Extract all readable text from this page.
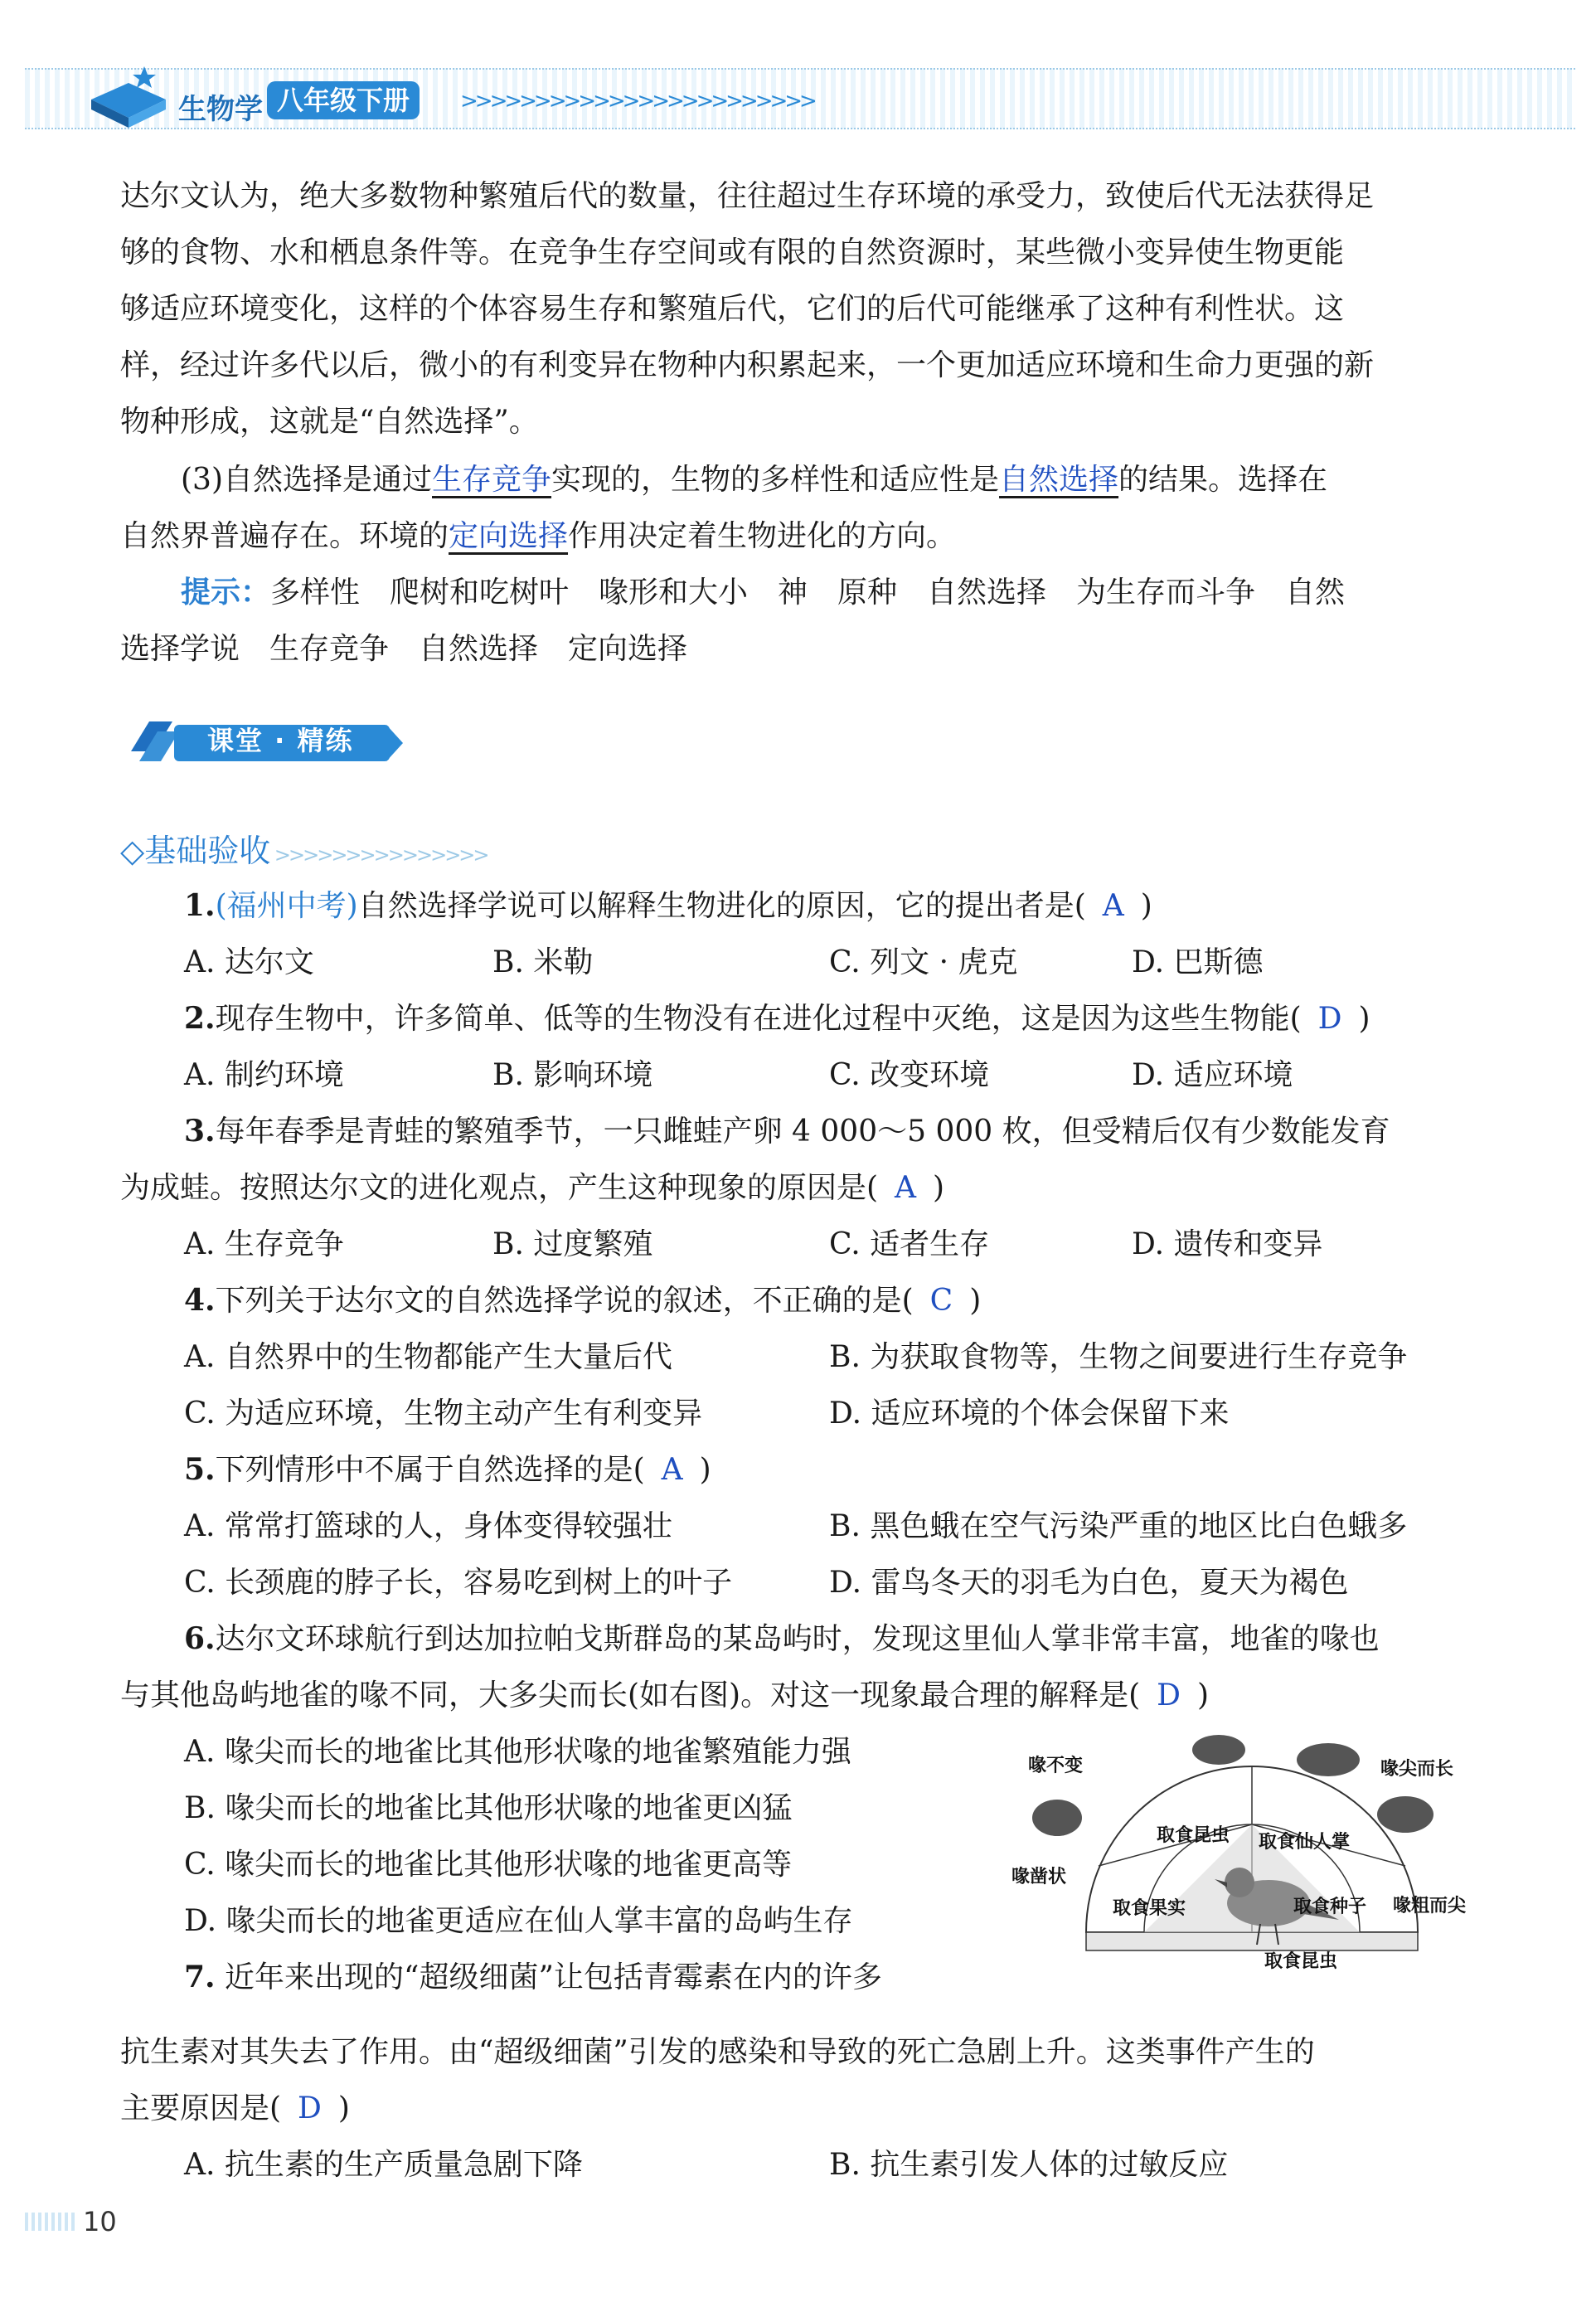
生物学 八年级下册	>>>>>>>>>>>>>>>>>>>>>>>>
达尔文认为，绝大多数物种繁殖后代的数量，往往超过生存环境的承受力，致使后代无法获得足
够的食物、水和栖息条件等。在竞争生存空间或有限的自然资源时，某些微小变异使生物更能
够适应环境变化，这样的个体容易生存和繁殖后代，它们的后代可能继承了这种有利性状。这
样，经过许多代以后，微小的有利变异在物种内积累起来，一个更加适应环境和生命力更强的新
物种形成，这就是“自然选择”。
(3)自然选择是通过生存竞争实现的，生物的多样性和适应性是自然选择的结果。选择在
自然界普遍存在。环境的定向选择作用决定着生物进化的方向。
提示：多样性　爬树和吃树叶　喙形和大小　神　原种　自然选择　为生存而斗争　自然
选择学说　生存竞争　自然选择　定向选择
课堂 · 精练
◇基础验收 >>>>>>>>>>>>>>>
1.(福州中考)自然选择学说可以解释生物进化的原因，它的提出者是( A )
A. 达尔文	B. 米勒	C. 列文 · 虎克	D. 巴斯德
2.现存生物中，许多简单、低等的生物没有在进化过程中灭绝，这是因为这些生物能( D )
A. 制约环境	B. 影响环境	C. 改变环境	D. 适应环境
3.每年春季是青蛙的繁殖季节，一只雌蛙产卵 4 000～5 000 枚，但受精后仅有少数能发育
为成蛙。按照达尔文的进化观点，产生这种现象的原因是( A )
A. 生存竞争	B. 过度繁殖	C. 适者生存	D. 遗传和变异
4.下列关于达尔文的自然选择学说的叙述，不正确的是( C )
A. 自然界中的生物都能产生大量后代	B. 为获取食物等，生物之间要进行生存竞争
C. 为适应环境，生物主动产生有利变异	D. 适应环境的个体会保留下来
5.下列情形中不属于自然选择的是( A )
A. 常常打篮球的人，身体变得较强壮	B. 黑色蛾在空气污染严重的地区比白色蛾多
C. 长颈鹿的脖子长，容易吃到树上的叶子	D. 雷鸟冬天的羽毛为白色，夏天为褐色
6.达尔文环球航行到达加拉帕戈斯群岛的某岛屿时，发现这里仙人掌非常丰富，地雀的喙也
与其他岛屿地雀的喙不同，大多尖而长(如右图)。对这一现象最合理的解释是( D )
A. 喙尖而长的地雀比其他形状喙的地雀繁殖能力强
B. 喙尖而长的地雀比其他形状喙的地雀更凶猛
C. 喙尖而长的地雀比其他形状喙的地雀更高等
D. 喙尖而长的地雀更适应在仙人掌丰富的岛屿生存
喙不变	喙尖而长
喙凿状
喙粗而尖
取食昆虫 取食仙人掌
取食果实	取食种子
取食昆虫
7. 近年来出现的“超级细菌”让包括青霉素在内的许多
抗生素对其失去了作用。由“超级细菌”引发的感染和导致的死亡急剧上升。这类事件产生的
主要原因是( D )
A. 抗生素的生产质量急剧下降	B. 抗生素引发人体的过敏反应
10
